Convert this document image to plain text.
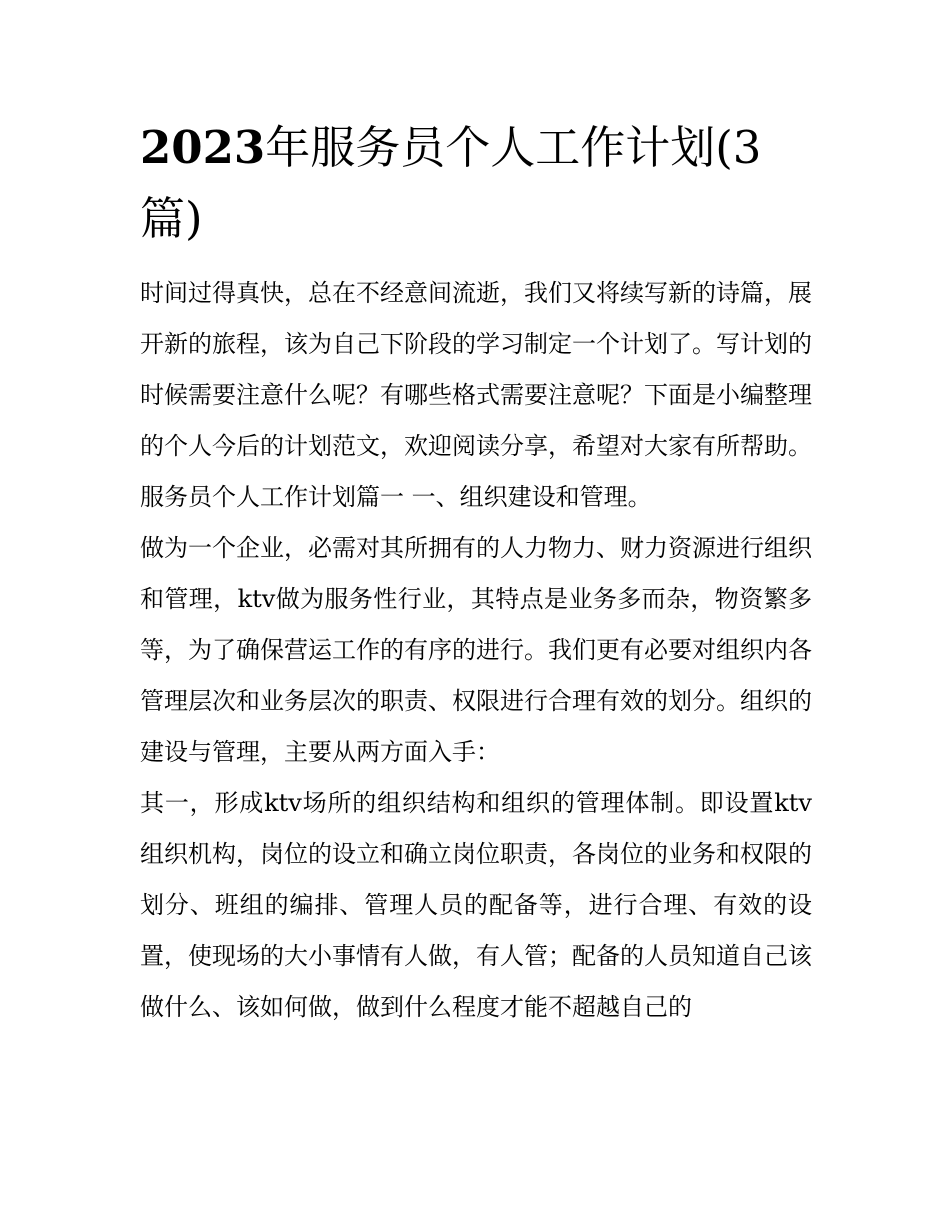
2023年服务员个人工作计划(3篇)

时间过得真快，总在不经意间流逝，我们又将续写新的诗篇，展开新的旅程，该为自己下阶段的学习制定一个计划了。写计划的时候需要注意什么呢？有哪些格式需要注意呢？下面是小编整理的个人今后的计划范文，欢迎阅读分享，希望对大家有所帮助。

服务员个人工作计划篇一 一、组织建设和管理。

做为一个企业，必需对其所拥有的人力物力、财力资源进行组织和管理，ktv做为服务性行业，其特点是业务多而杂，物资繁多等，为了确保营运工作的有序的进行。我们更有必要对组织内各管理层次和业务层次的职责、权限进行合理有效的划分。组织的建设与管理，主要从两方面入手：

其一，形成ktv场所的组织结构和组织的管理体制。即设置ktv组织机构，岗位的设立和确立岗位职责，各岗位的业务和权限的划分、班组的编排、管理人员的配备等，进行合理、有效的设置，使现场的大小事情有人做，有人管；配备的人员知道自己该做什么、该如何做，做到什么程度才能不超越自己的
